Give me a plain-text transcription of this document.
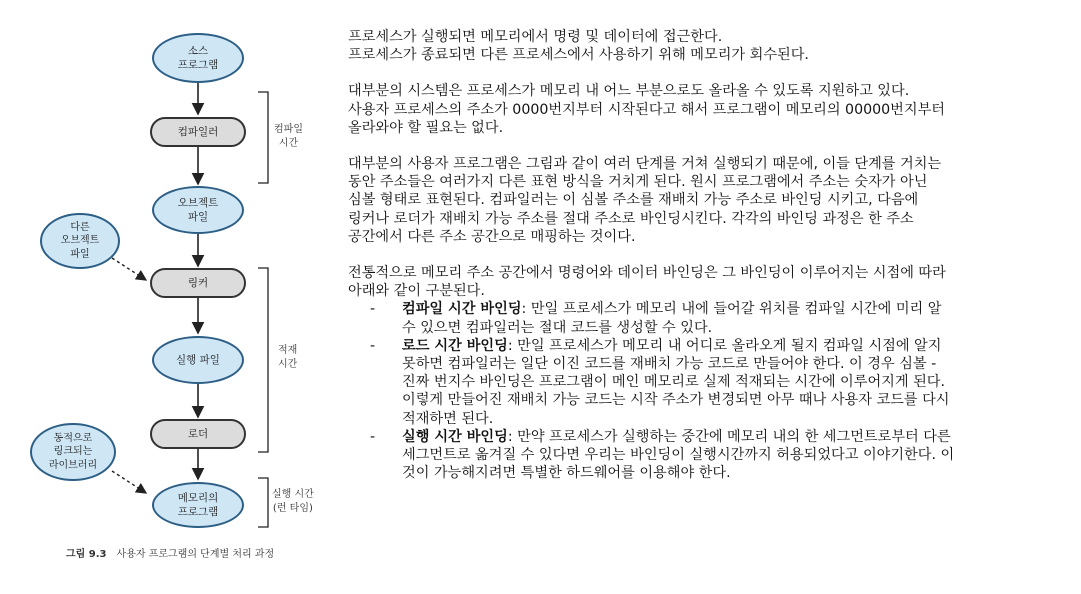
소스
프로그램
컴파일러
오브젝트
파일
다른
오브젝트
파일
링커
실행 파일
로더
동적으로
링크되는
라이브러리
메모리의
프로그램
컴파일
시간
적재
시간
실행 시간
(런 타임)
그림 9.3 사용자 프로그램의 단계별 처리 과정

프로세스가 실행되면 메모리에서 명령 및 데이터에 접근한다.
프로세스가 종료되면 다른 프로세스에서 사용하기 위해 메모리가 회수된다.

대부분의 시스템은 프로세스가 메모리 내 어느 부분으로도 올라올 수 있도록 지원하고 있다.
사용자 프로세스의 주소가 0000번지부터 시작된다고 해서 프로그램이 메모리의 00000번지부터
올라와야 할 필요는 없다.

대부분의 사용자 프로그램은 그림과 같이 여러 단계를 거쳐 실행되기 때문에, 이들 단계를 거치는
동안 주소들은 여러가지 다른 표현 방식을 거치게 된다. 원시 프로그램에서 주소는 숫자가 아닌
심볼 형태로 표현된다. 컴파일러는 이 심볼 주소를 재배치 가능 주소로 바인딩 시키고, 다음에
링커나 로더가 재배치 가능 주소를 절대 주소로 바인딩시킨다. 각각의 바인딩 과정은 한 주소
공간에서 다른 주소 공간으로 매핑하는 것이다.

전통적으로 메모리 주소 공간에서 명령어와 데이터 바인딩은 그 바인딩이 이루어지는 시점에 따라
아래와 같이 구분된다.

- 컴파일 시간 바인딩: 만일 프로세스가 메모리 내에 들어갈 위치를 컴파일 시간에 미리 알
수 있으면 컴파일러는 절대 코드를 생성할 수 있다.
- 로드 시간 바인딩: 만일 프로세스가 메모리 내 어디로 올라오게 될지 컴파일 시점에 알지
못하면 컴파일러는 일단 이진 코드를 재배치 가능 코드로 만들어야 한다. 이 경우 심볼 -
진짜 번지수 바인딩은 프로그램이 메인 메모리로 실제 적재되는 시간에 이루어지게 된다.
이렇게 만들어진 재배치 가능 코드는 시작 주소가 변경되면 아무 때나 사용자 코드를 다시
적재하면 된다.
- 실행 시간 바인딩: 만약 프로세스가 실행하는 중간에 메모리 내의 한 세그먼트로부터 다른
세그먼트로 옮겨질 수 있다면 우리는 바인딩이 실행시간까지 허용되었다고 이야기한다. 이
것이 가능해지려면 특별한 하드웨어를 이용해야 한다.
